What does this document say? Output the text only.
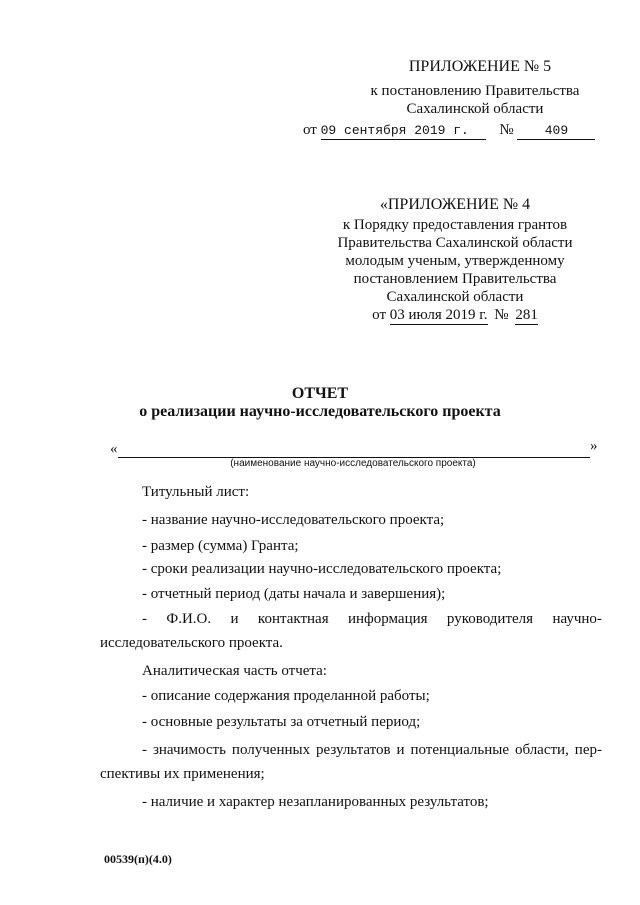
ПРИЛОЖЕНИЕ № 5
к постановлению Правительства
Сахалинской области
от 09 сентября 2019 г. № 409
«ПРИЛОЖЕНИЕ № 4
к Порядку предоставления грантов
Правительства Сахалинской области
молодым ученым, утвержденному
постановлением Правительства
Сахалинской области
от 03 июля 2019 г. № 281
ОТЧЕТ
о реализации научно-исследовательского проекта
«	»
(наименование научно-исследовательского проекта)
Титульный лист:
- название научно-исследовательского проекта;
- размер (сумма) Гранта;
- сроки реализации научно-исследовательского проекта;
- отчетный период (даты начала и завершения);
- Ф.И.О. и контактная информация руководителя научно-
исследовательского проекта.
Аналитическая часть отчета:
- описание содержания проделанной работы;
- основные результаты за отчетный период;
- значимость полученных результатов и потенциальные области, пер-
спективы их применения;
- наличие и характер незапланированных результатов;
00539(п)(4.0)
